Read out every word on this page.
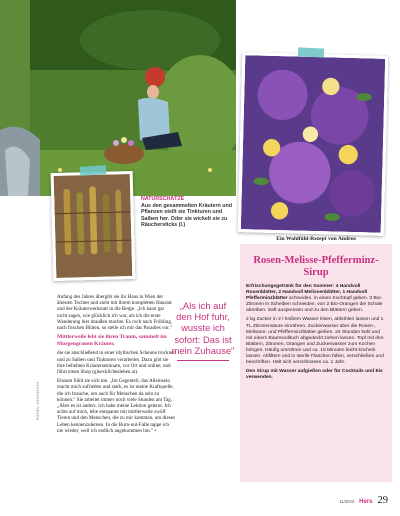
NATURSCHÄTZE
Aus den gesammelten Kräutern und Pflanzen stellt sie Tinkturen und Salben her. Oder sie wickelt sie zu Räuchersticks (l.)

Anfang des Jahres übergibt sie ihr Haus in Wien der ältesten Tochter und zieht mit ihrem kompletten Hausrat und der Kräuterwerkstatt in die Berge. „Ich kann gar nicht sagen, wie glücklich ich war, als ich die erste Wanderung hier draußen machte. Es roch nach Frühling, nach frischen Blüten, so stelle ich mir das Paradies vor."

Mittlerweile lebt sie ihren Traum, sammelt im Morgengrauen Kräuter,

die sie anschließend in einer idyllischen Scheune trocknet und zu Salben und Tinkturen verarbeitet. Dazu gibt sie ihre beliebten Kräuterseminare, vor Ort und online, und führt einen Shop (gluecklichesleben.at).

Einsam fühlt sie sich nie. „Im Gegenteil, das Alleinsein macht mich zufrieden und stark, es ist meine Kraftquelle, die ich brauche, um auch für Menschen da sein zu können." Sie arbeitet immer noch viele Stunden am Tag. „Aber es ist anders. Ich habe meine Lektion gelernt. Ich achte auf mich, lebe entspannt mit mittlerweile zwölf Tieren und den Menschen, die zu mir kommen, um dieses Leben kennenzulernen. In die Burn-out-Falle tappe ich nie wieder, weil ich endlich angekommen bin." •

FOTOS: XXXXXXXXX
„Als ich auf den Hof fuhr, wusste ich sofort: Das ist mein Zuhause"
Ein Wohlfühl-Rezept von Andrea
Rosen-Melisse-Pfefferminz-Sirup

Erfrischungsgetränk für den Sommer: 4 Handvoll Rosenblätter, 2 Handvoll Melissenblätter, 1 Handvoll Pfefferminzblätter schneiden, in einen Kochtopf geben. 3 Bio-Zitronen in Scheiben schneiden, von 2 Bio-Orangen die Schale abreiben. Saft auspressen und zu den Blättern geben.

2 kg Zucker in 2 l heißem Wasser lösen, abkühlen lassen und 1 TL Zitronensäure einrühren. Zuckerwasser über die Rosen-, Melissen- und Pfefferminzblätter gießen. 24 Stunden kühl und mit einem Baumwolltuch abgedeckt ziehen lassen. Topf mit den Blättern, Zitronen, Orangen und Zuckerwasser zum Kochen bringen. Häufig umrühren und ca. 15 Minuten leicht köcheln lassen. Abfiltern und in sterile Flaschen füllen, verschließen und beschriften. Hält sich verschlossen ca. 1 Jahr.

Den Sirup mit Wasser aufgießen oder für Cocktails und Eis verwenden.

11/2023 Hers 29
